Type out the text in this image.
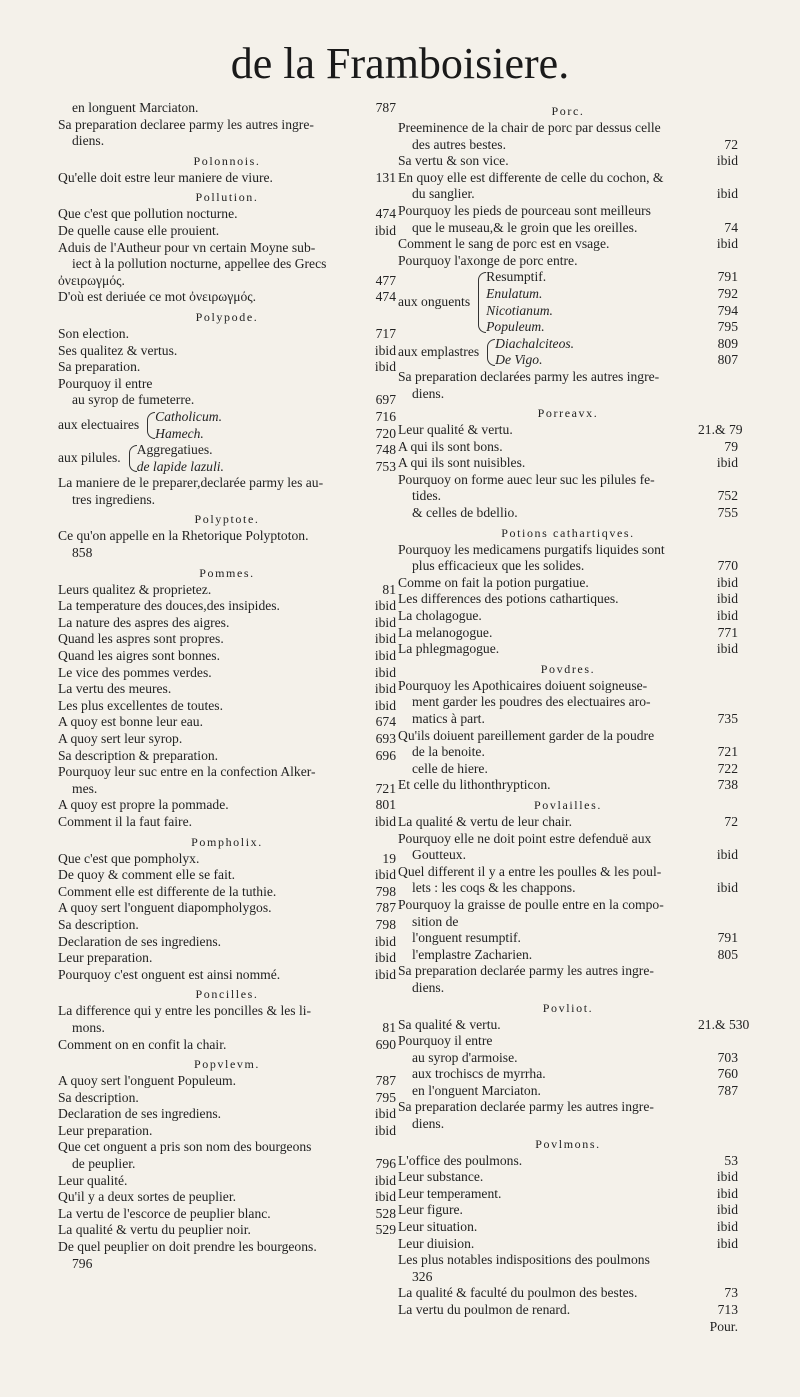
de la Framboisiere.
en longuent Marciaton.	787
Sa preparation declaree parmy les autres ingre-
diens.
Polonnois.
Qu'elle doit estre leur maniere de viure.	131
Pollution.
Que c'est que pollution nocturne.	474
De quelle cause elle prouient.	ibid
Aduis de l'Autheur pour vn certain Moyne sub-
iect à la pollution nocturne, appellee des Grecs
ὀνειρωγμός.	477
D'où est deriuée ce mot ὀνειρωγμός.	474
Polypode.
Son election.	717
Ses qualitez & vertus.	ibid
Sa preparation.	ibid
Pourquoy il entre
au syrop de fumeterre.	697
aux electuaires
Catholicum.	716
Hamech.	720
aux pilules.
Aggregatiues.	748
de lapide lazuli.	753
La maniere de le preparer,declarée parmy les au-
tres ingrediens.
Polyptote.
Ce qu'on appelle en la Rhetorique Polyptoton.
858
Pommes.
Leurs qualitez & proprietez.	81
La temperature des douces,des insipides.	ibid
La nature des aspres des aigres.	ibid
Quand les aspres sont propres.	ibid
Quand les aigres sont bonnes.	ibid
Le vice des pommes verdes.	ibid
La vertu des meures.	ibid
Les plus excellentes de toutes.	ibid
A quoy est bonne leur eau.	674
A quoy sert leur syrop.	693
Sa description & preparation.	696
Pourquoy leur suc entre en la confection Alker-
mes.	721
A quoy est propre la pommade.	801
Comment il la faut faire.	ibid
Pompholix.
Que c'est que pompholyx.	19
De quoy & comment elle se fait.	ibid
Comment elle est differente de la tuthie.	798
A quoy sert l'onguent diapompholygos.	787
Sa description.	798
Declaration de ses ingrediens.	ibid
Leur preparation.	ibid
Pourquoy c'est onguent est ainsi nommé.	ibid
Poncilles.
La difference qui y entre les poncilles & les li-
mons.	81
Comment on en confit la chair.	690
Popvlevm.
A quoy sert l'onguent Populeum.	787
Sa description.	795
Declaration de ses ingrediens.	ibid
Leur preparation.	ibid
Que cet onguent a pris son nom des bourgeons
de peuplier.	796
Leur qualité.	ibid
Qu'il y a deux sortes de peuplier.	ibid
La vertu de l'escorce de peuplier blanc.	528
La qualité & vertu du peuplier noir.	529
De quel peuplier on doit prendre les bourgeons.
796
Porc.
Preeminence de la chair de porc par dessus celle
des autres bestes.	72
Sa vertu & son vice.	ibid
En quoy elle est differente de celle du cochon, &
du sanglier.	ibid
Pourquoy les pieds de pourceau sont meilleurs
que le museau,& le groin que les oreilles.	74
Comment le sang de porc est en vsage.	ibid
Pourquoy l'axonge de porc entre.
aux onguents
Resumptif.	791
Enulatum.	792
Nicotianum.	794
Populeum.	795
aux emplastres
Diachalciteos.	809
De Vigo.	807
Sa preparation declarées parmy les autres ingre-
diens.
Porreavx.
Leur qualité & vertu.	21.& 79
A qui ils sont bons.	79
A qui ils sont nuisibles.	ibid
Pourquoy on forme auec leur suc les pilules fe-
tides.	752
& celles de bdellio.	755
Potions cathartiqves.
Pourquoy les medicamens purgatifs liquides sont
plus efficacieux que les solides.	770
Comme on fait la potion purgatiue.	ibid
Les differences des potions cathartiques.	ibid
La cholagogue.	ibid
La melanogogue.	771
La phlegmagogue.	ibid
Povdres.
Pourquoy les Apothicaires doiuent soigneuse-
ment garder les poudres des electuaires aro-
matics à part.	735
Qu'ils doiuent pareillement garder de la poudre
de la benoite.	721
celle de hiere.	722
Et celle du lithonthrypticon.	738
Povlailles.
La qualité & vertu de leur chair.	72
Pourquoy elle ne doit point estre defenduë aux
Goutteux.	ibid
Quel different il y a entre les poulles & les poul-
lets : les coqs & les chappons.	ibid
Pourquoy la graisse de poulle entre en la compo-
sition de
l'onguent resumptif.	791
l'emplastre Zacharien.	805
Sa preparation declarée parmy les autres ingre-
diens.
Povliot.
Sa qualité & vertu.	21.& 530
Pourquoy il entre
au syrop d'armoise.	703
aux trochiscs de myrrha.	760
en l'onguent Marciaton.	787
Sa preparation declarée parmy les autres ingre-
diens.
Povlmons.
L'office des poulmons.	53
Leur substance.	ibid
Leur temperament.	ibid
Leur figure.	ibid
Leur situation.	ibid
Leur diuision.	ibid
Les plus notables indispositions des poulmons
326
La qualité & faculté du poulmon des bestes.	73
La vertu du poulmon de renard.	713
Pour.
